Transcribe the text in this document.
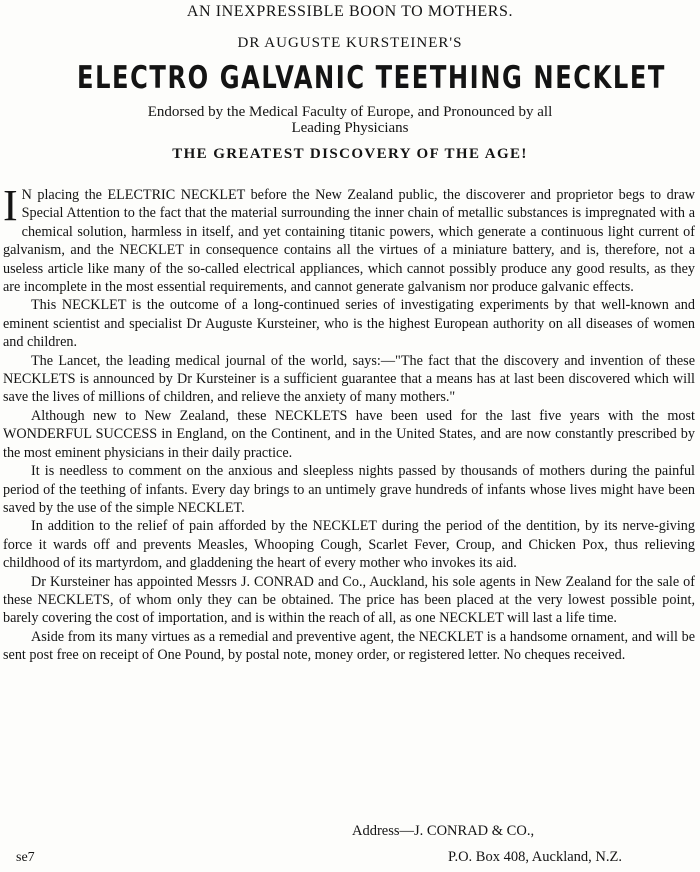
AN INEXPRESSIBLE BOON TO MOTHERS.
DR AUGUSTE KURSTEINER'S
ELECTRO GALVANIC TEETHING NECKLET
Endorsed by the Medical Faculty of Europe, and Pronounced by all
Leading Physicians
THE GREATEST DISCOVERY OF THE AGE!

I N placing the ELECTRIC NECKLET before the New Zealand public, the discoverer and proprietor begs to draw Special Attention to the fact that the material surrounding the inner chain of metallic substances is impregnated with a chemical solution, harmless in itself, and yet containing titanic powers, which generate a continuous light current of galvanism, and the NECKLET in consequence contains all the virtues of a miniature battery, and is, therefore, not a useless article like many of the so-called electrical appliances, which cannot possibly produce any good results, as they are incomplete in the most essential requirements, and cannot generate galvanism nor produce galvanic effects.

This NECKLET is the outcome of a long-continued series of investigating experiments by that well-known and eminent scientist and specialist Dr Auguste Kursteiner, who is the highest European authority on all diseases of women and children.

The Lancet, the leading medical journal of the world, says:—"The fact that the discovery and invention of these NECKLETS is announced by Dr Kursteiner is a sufficient guarantee that a means has at last been discovered which will save the lives of millions of children, and relieve the anxiety of many mothers."

Although new to New Zealand, these NECKLETS have been used for the last five years with the most WONDERFUL SUCCESS in England, on the Continent, and in the United States, and are now constantly prescribed by the most eminent physicians in their daily practice.

It is needless to comment on the anxious and sleepless nights passed by thousands of mothers during the painful period of the teething of infants. Every day brings to an untimely grave hundreds of infants whose lives might have been saved by the use of the simple NECKLET.

In addition to the relief of pain afforded by the NECKLET during the period of the dentition, by its nerve-giving force it wards off and prevents Measles, Whooping Cough, Scarlet Fever, Croup, and Chicken Pox, thus relieving childhood of its martyrdom, and gladdening the heart of every mother who invokes its aid.

Dr Kursteiner has appointed Messrs J. CONRAD and Co., Auckland, his sole agents in New Zealand for the sale of these NECKLETS, of whom only they can be obtained. The price has been placed at the very lowest possible point, barely covering the cost of importation, and is within the reach of all, as one NECKLET will last a life time.

Aside from its many virtues as a remedial and preventive agent, the NECKLET is a handsome ornament, and will be sent post free on receipt of One Pound, by postal note, money order, or registered letter. No cheques received.

Address—J. CONRAD & CO.,
se7	P.O. Box 408, Auckland, N.Z.
